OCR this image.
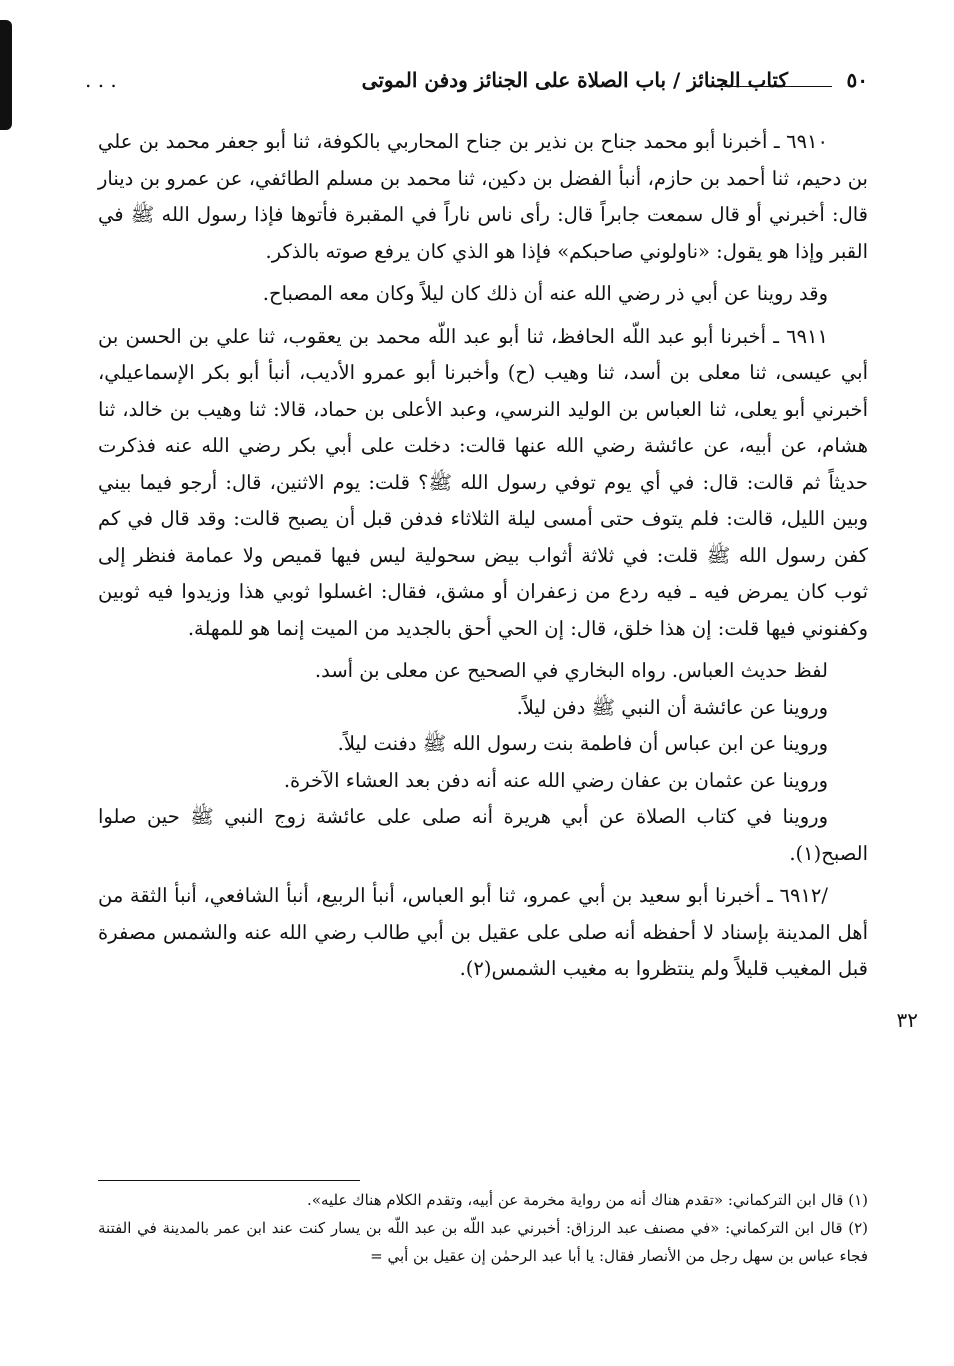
٥٠
كتاب الجنائز / باب الصلاة على الجنائز ودفن الموتى
. . .

٦٩١٠ ـ أخبرنا أبو محمد جناح بن نذير بن جناح المحاربي بالكوفة، ثنا أبو جعفر محمد بن علي بن دحيم، ثنا أحمد بن حازم، أنبأ الفضل بن دكين، ثنا محمد بن مسلم الطائفي، عن عمرو بن دينار قال: أخبرني أو قال سمعت جابراً قال: رأى ناس ناراً في المقبرة فأتوها فإذا رسول الله ﷺ في القبر وإذا هو يقول: «ناولوني صاحبكم» فإذا هو الذي كان يرفع صوته بالذكر.

وقد روينا عن أبي ذر رضي الله عنه أن ذلك كان ليلاً وكان معه المصباح.

٦٩١١ ـ أخبرنا أبو عبد اللّه الحافظ، ثنا أبو عبد اللّه محمد بن يعقوب، ثنا علي بن الحسن بن أبي عيسى، ثنا معلى بن أسد، ثنا وهيب (ح) وأخبرنا أبو عمرو الأديب، أنبأ أبو بكر الإسماعيلي، أخبرني أبو يعلى، ثنا العباس بن الوليد النرسي، وعبد الأعلى بن حماد، قالا: ثنا وهيب بن خالد، ثنا هشام، عن أبيه، عن عائشة رضي الله عنها قالت: دخلت على أبي بكر رضي الله عنه فذكرت حديثاً ثم قالت: قال: في أي يوم توفي رسول الله ﷺ؟ قلت: يوم الاثنين، قال: أرجو فيما بيني وبين الليل، قالت: فلم يتوف حتى أمسى ليلة الثلاثاء فدفن قبل أن يصبح قالت: وقد قال في كم كفن رسول الله ﷺ قلت: في ثلاثة أثواب بيض سحولية ليس فيها قميص ولا عمامة فنظر إلى ثوب كان يمرض فيه ـ فيه ردع من زعفران أو مشق، فقال: اغسلوا ثوبي هذا وزيدوا فيه ثوبين وكفنوني فيها قلت: إن هذا خلق، قال: إن الحي أحق بالجديد من الميت إنما هو للمهلة.

لفظ حديث العباس. رواه البخاري في الصحيح عن معلى بن أسد.

وروينا عن عائشة أن النبي ﷺ دفن ليلاً.

وروينا عن ابن عباس أن فاطمة بنت رسول الله ﷺ دفنت ليلاً.

وروينا عن عثمان بن عفان رضي الله عنه أنه دفن بعد العشاء الآخرة.

وروينا في كتاب الصلاة عن أبي هريرة أنه صلى على عائشة زوج النبي ﷺ حين صلوا الصبح(١).

/٦٩١٢ ـ أخبرنا أبو سعيد بن أبي عمرو، ثنا أبو العباس، أنبأ الربيع، أنبأ الشافعي، أنبأ الثقة من أهل المدينة بإسناد لا أحفظه أنه صلى على عقيل بن أبي طالب رضي الله عنه والشمس مصفرة قبل المغيب قليلاً ولم ينتظروا به مغيب الشمس(٢).

٣٢

(١) قال ابن التركماني: «تقدم هناك أنه من رواية مخرمة عن أبيه، وتقدم الكلام هناك عليه».

(٢) قال ابن التركماني: «في مصنف عبد الرزاق: أخبرني عبد اللّه بن عبد اللّه بن يسار كنت عند ابن عمر بالمدينة في الفتنة فجاء عباس بن سهل رجل من الأنصار فقال: يا أبا عبد الرحمٰن إن عقيل بن أبي =
